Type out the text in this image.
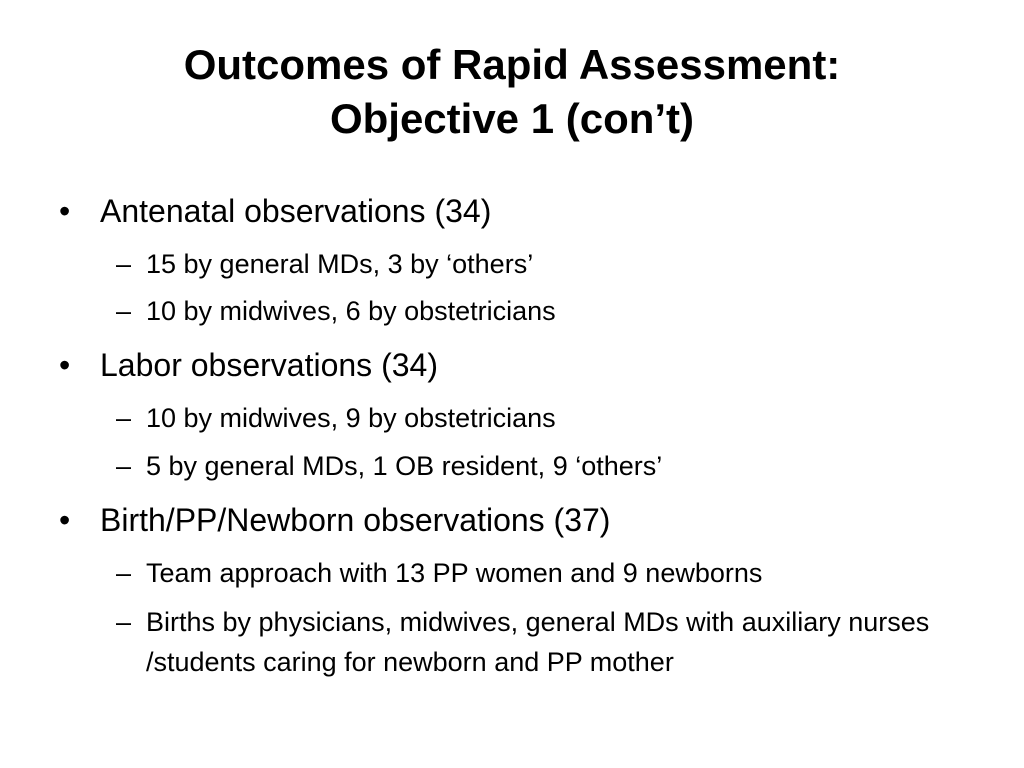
Outcomes of Rapid Assessment:
Objective 1 (con’t)
• Antenatal observations (34)
– 15 by general MDs, 3 by ‘others’
– 10 by midwives, 6 by obstetricians
• Labor observations (34)
– 10 by midwives, 9 by obstetricians
– 5 by general MDs, 1 OB resident, 9 ‘others’
• Birth/PP/Newborn observations (37)
– Team approach with 13 PP women and 9 newborns
– Births by physicians, midwives, general MDs with auxiliary nurses /students caring for newborn and PP mother
